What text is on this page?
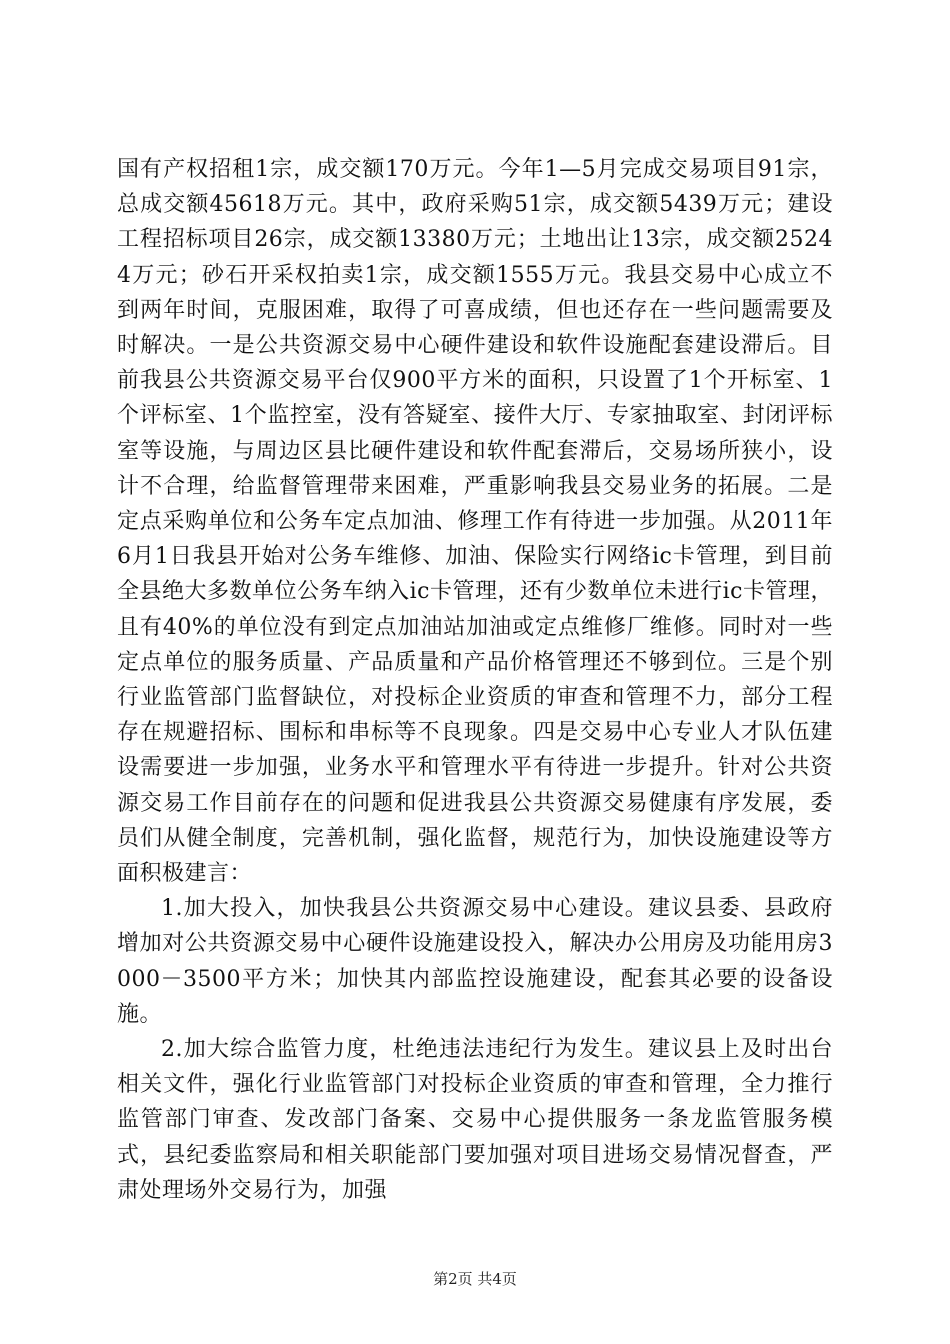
国有产权招租1宗，成交额170万元。今年1—5月完成交易项目91宗，总成交额45618万元。其中，政府采购51宗，成交额5439万元；建设工程招标项目26宗，成交额13380万元；土地出让13宗，成交额25244万元；砂石开采权拍卖1宗，成交额1555万元。我县交易中心成立不到两年时间，克服困难，取得了可喜成绩，但也还存在一些问题需要及时解决。一是公共资源交易中心硬件建设和软件设施配套建设滞后。目前我县公共资源交易平台仅900平方米的面积，只设置了1个开标室、1个评标室、1个监控室，没有答疑室、接件大厅、专家抽取室、封闭评标室等设施，与周边区县比硬件建设和软件配套滞后，交易场所狭小，设计不合理，给监督管理带来困难，严重影响我县交易业务的拓展。二是定点采购单位和公务车定点加油、修理工作有待进一步加强。从2011年6月1日我县开始对公务车维修、加油、保险实行网络ic卡管理，到目前全县绝大多数单位公务车纳入ic卡管理，还有少数单位未进行ic卡管理，且有40%的单位没有到定点加油站加油或定点维修厂维修。同时对一些定点单位的服务质量、产品质量和产品价格管理还不够到位。三是个别行业监管部门监督缺位，对投标企业资质的审查和管理不力，部分工程存在规避招标、围标和串标等不良现象。四是交易中心专业人才队伍建设需要进一步加强，业务水平和管理水平有待进一步提升。针对公共资源交易工作目前存在的问题和促进我县公共资源交易健康有序发展，委员们从健全制度，完善机制，强化监督，规范行为，加快设施建设等方面积极建言：

1.加大投入，加快我县公共资源交易中心建设。建议县委、县政府增加对公共资源交易中心硬件设施建设投入，解决办公用房及功能用房3000－3500平方米；加快其内部监控设施建设，配套其必要的设备设施。

2.加大综合监管力度，杜绝违法违纪行为发生。建议县上及时出台相关文件，强化行业监管部门对投标企业资质的审查和管理，全力推行监管部门审查、发改部门备案、交易中心提供服务一条龙监管服务模式，县纪委监察局和相关职能部门要加强对项目进场交易情况督查，严肃处理场外交易行为，加强

第2页 共4页
